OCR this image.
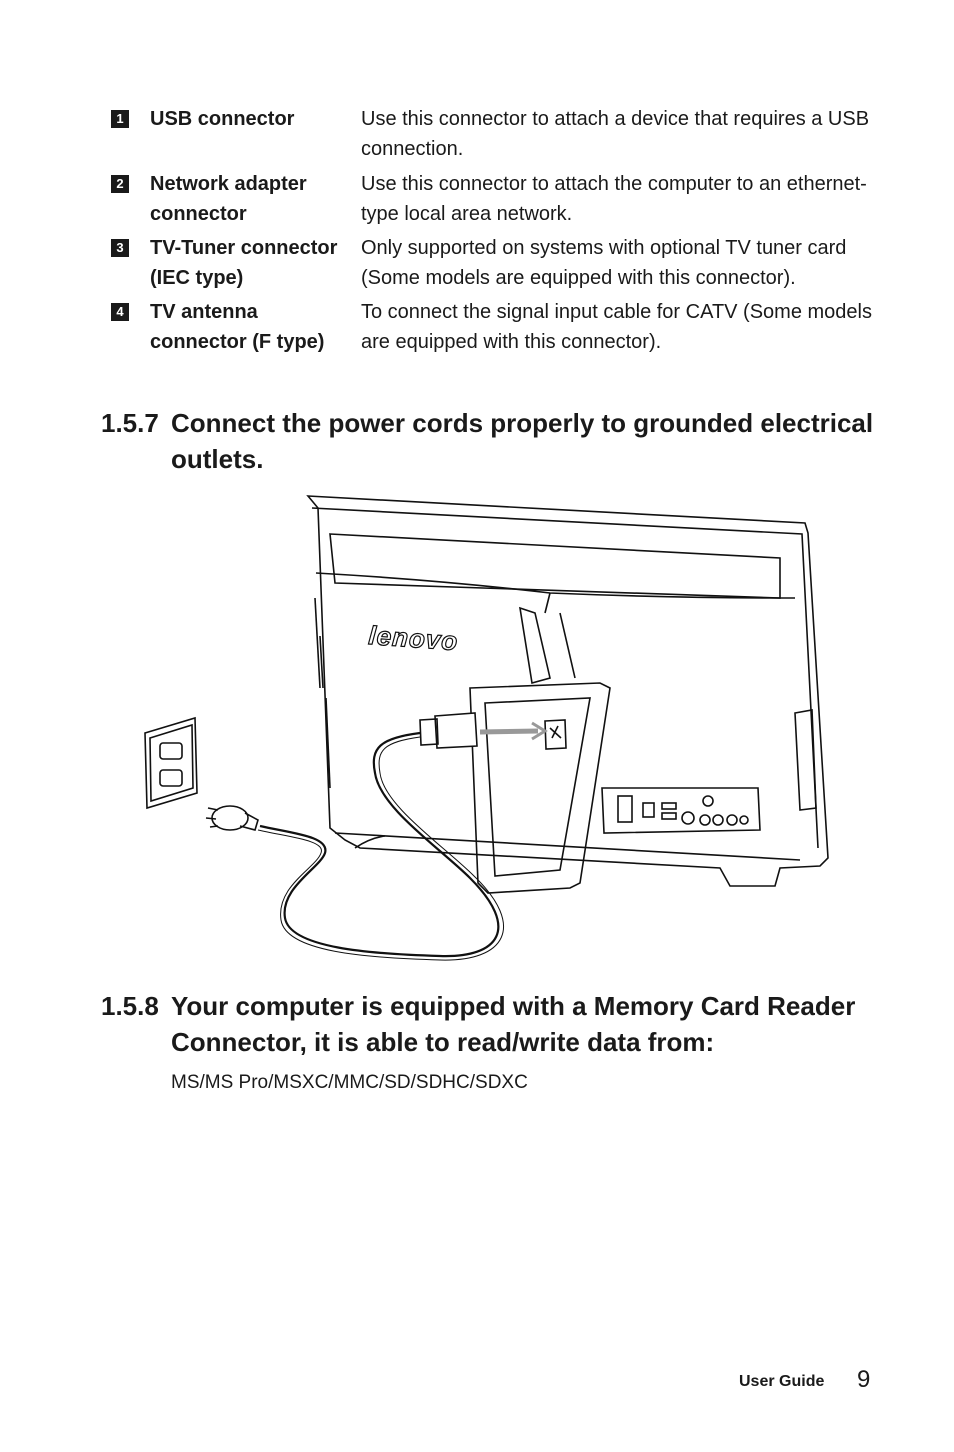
1 USB connector	Use this connector to attach a device that requires a USB connection.
2 Network adapter connector
Use this connector to attach the computer to an ethernet-type local area network.
3 TV-Tuner connector (IEC type)
Only supported on systems with optional TV tuner card (Some models are equipped with this connector).
4 TV antenna connector (F type)
To connect the signal input cable for CATV (Some models are equipped with this connector).
1.5.7 Connect the power cords properly to grounded electrical outlets.
lenovo
1.5.8 Your computer is equipped with a Memory Card Reader Connector, it is able to read/write data from:
MS/MS Pro/MSXC/MMC/SD/SDHC/SDXC
User Guide 9
